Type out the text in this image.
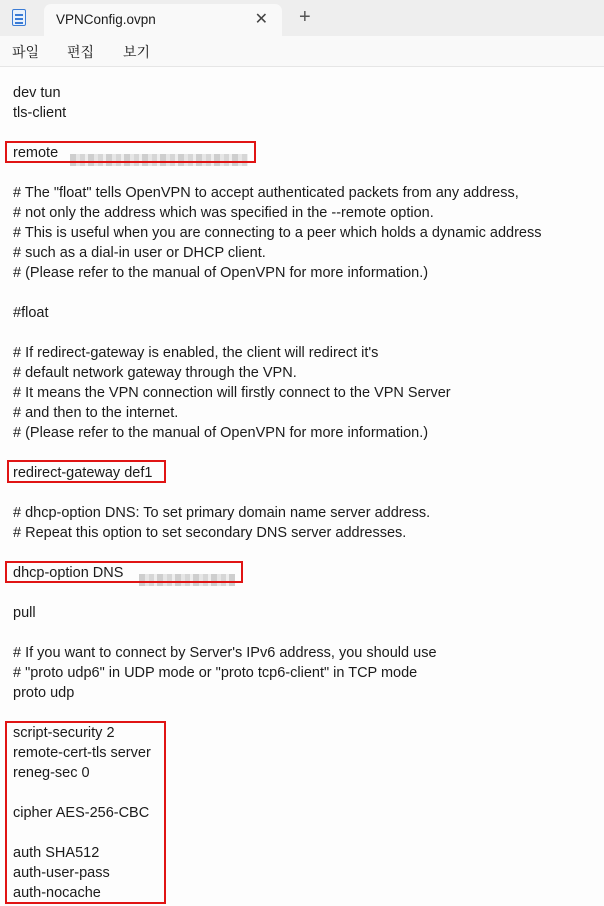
VPNConfig.ovpn	✕ +
파일 편집 보기
dev tun
tls-client
remote
# The "float" tells OpenVPN to accept authenticated packets from any address,
# not only the address which was specified in the --remote option.
# This is useful when you are connecting to a peer which holds a dynamic address
# such as a dial-in user or DHCP client.
# (Please refer to the manual of OpenVPN for more information.)
#float
# If redirect-gateway is enabled, the client will redirect it's
# default network gateway through the VPN.
# It means the VPN connection will firstly connect to the VPN Server
# and then to the internet.
# (Please refer to the manual of OpenVPN for more information.)
redirect-gateway def1
# dhcp-option DNS: To set primary domain name server address.
# Repeat this option to set secondary DNS server addresses.
dhcp-option DNS
pull
# If you want to connect by Server's IPv6 address, you should use
# "proto udp6" in UDP mode or "proto tcp6-client" in TCP mode
proto udp
script-security 2
remote-cert-tls server
reneg-sec 0
cipher AES-256-CBC
auth SHA512
auth-user-pass
auth-nocache
